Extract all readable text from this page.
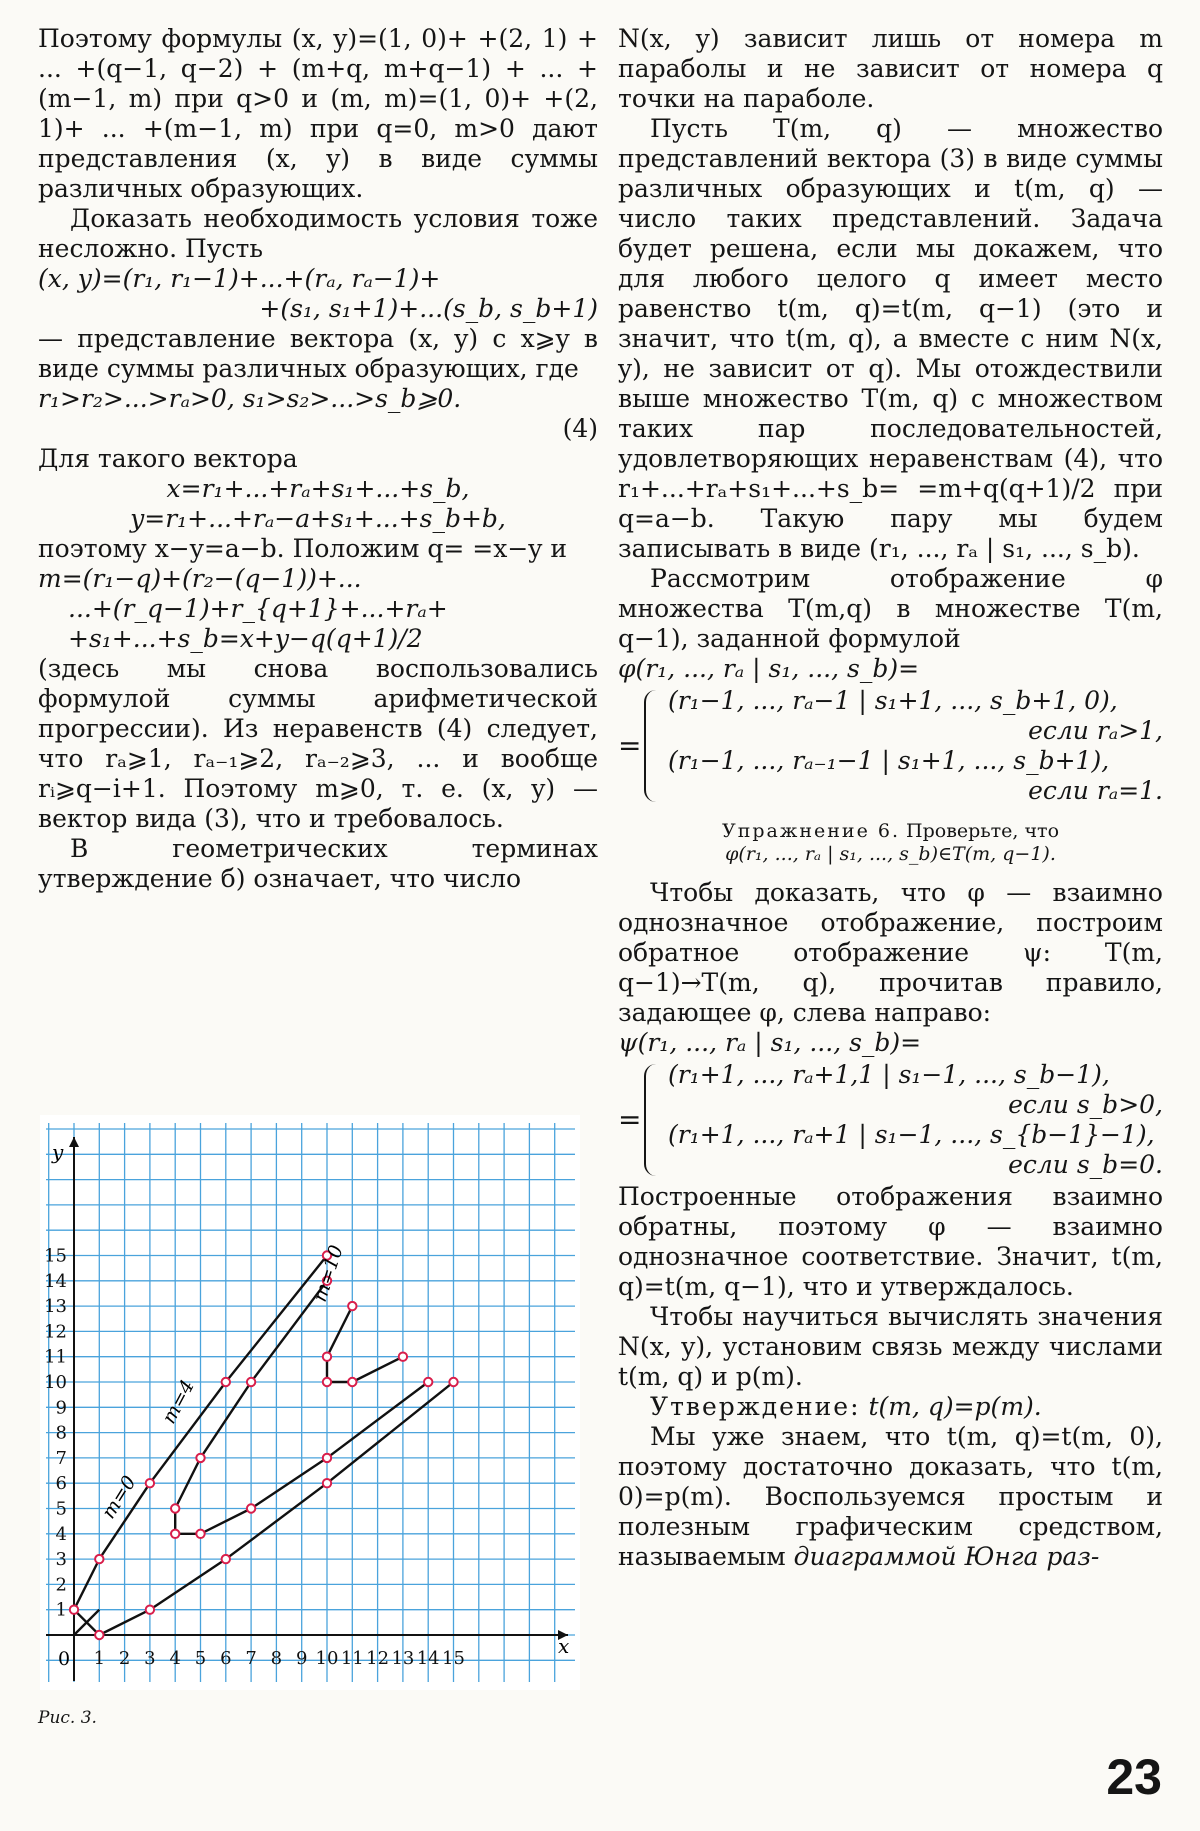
Поэтому формулы (x, y)=(1, 0)+ +(2, 1) + ... +(q−1, q−2) + (m+q, m+q−1) + ... +(m−1, m) при q>0 и (m, m)=(1, 0)+ +(2, 1)+ ... +(m−1, m) при q=0, m>0 дают представления (x, y) в виде суммы различных образующих.

Доказать необходимость условия тоже несложно. Пусть

(x, y)=(r₁, r₁−1)+...+(rₐ, rₐ−1)+

+(s₁, s₁+1)+...(s_b, s_b+1)

— представление вектора (x, y) с x⩾y в виде суммы различных образующих, где

r₁>r₂>...>rₐ>0, s₁>s₂>...>s_b⩾0.

(4)

Для такого вектора

x=r₁+...+rₐ+s₁+...+s_b,

y=r₁+...+rₐ−a+s₁+...+s_b+b,

поэтому x−y=a−b. Положим q= =x−y и

m=(r₁−q)+(r₂−(q−1))+...

...+(r_q−1)+r_{q+1}+...+rₐ+

+s₁+...+s_b=x+y−q(q+1)/2

(здесь мы снова воспользовались формулой суммы арифметической прогрессии). Из неравенств (4) следует, что rₐ⩾1, rₐ₋₁⩾2, rₐ₋₂⩾3, ... и вообще rᵢ⩾q−i+1. Поэтому m⩾0, т. е. (x, y) — вектор вида (3), что и требовалось.

В геометрических терминах утверждение б) означает, что число

1 2 3 4 5 6 7 8 9 10 11 12 13 14 15
1
2
3
4
5
6
7
8
9
10
11
12
13
14
15
x
y
0
m=0
m=4
m=10
Рис. 3.

N(x, y) зависит лишь от номера m параболы и не зависит от номера q точки на параболе.

Пусть T(m, q) — множество представлений вектора (3) в виде суммы различных образующих и t(m, q) — число таких представлений. Задача будет решена, если мы докажем, что для любого целого q имеет место равенство t(m, q)=t(m, q−1) (это и значит, что t(m, q), а вместе с ним N(x, y), не зависит от q). Мы отождествили выше множество T(m, q) с множеством таких пар последовательностей, удовлетворяющих неравенствам (4), что r₁+...+rₐ+s₁+...+s_b= =m+q(q+1)/2 при q=a−b. Такую пару мы будем записывать в виде (r₁, ..., rₐ | s₁, ..., s_b).

Рассмотрим отображение φ множества T(m,q) в множестве T(m, q−1), заданной формулой

φ(r₁, ..., rₐ | s₁, ..., s_b)=

=

(r₁−1, ..., rₐ−1 | s₁+1, ..., s_b+1, 0),

если rₐ>1,

(r₁−1, ..., rₐ₋₁−1 | s₁+1, ..., s_b+1),

если rₐ=1.

Упражнение 6. Проверьте, что
φ(r₁, ..., rₐ | s₁, ..., s_b)∈T(m, q−1).

Чтобы доказать, что φ — взаимно однозначное отображение, построим обратное отображение ψ: T(m, q−1)→T(m, q), прочитав правило, задающее φ, слева направо:

ψ(r₁, ..., rₐ | s₁, ..., s_b)=

=

(r₁+1, ..., rₐ+1,1 | s₁−1, ..., s_b−1),

если s_b>0,

(r₁+1, ..., rₐ+1 | s₁−1, ..., s_{b−1}−1),

если s_b=0.

Построенные отображения взаимно обратны, поэтому φ — взаимно однозначное соответствие. Значит, t(m, q)=t(m, q−1), что и утверждалось.

Чтобы научиться вычислять значения N(x, y), установим связь между числами t(m, q) и p(m).

Утверждение: t(m, q)=p(m).

Мы уже знаем, что t(m, q)=t(m, 0), поэтому достаточно доказать, что t(m, 0)=p(m). Воспользуемся простым и полезным графическим средством, называемым диаграммой Юнга раз-

23
